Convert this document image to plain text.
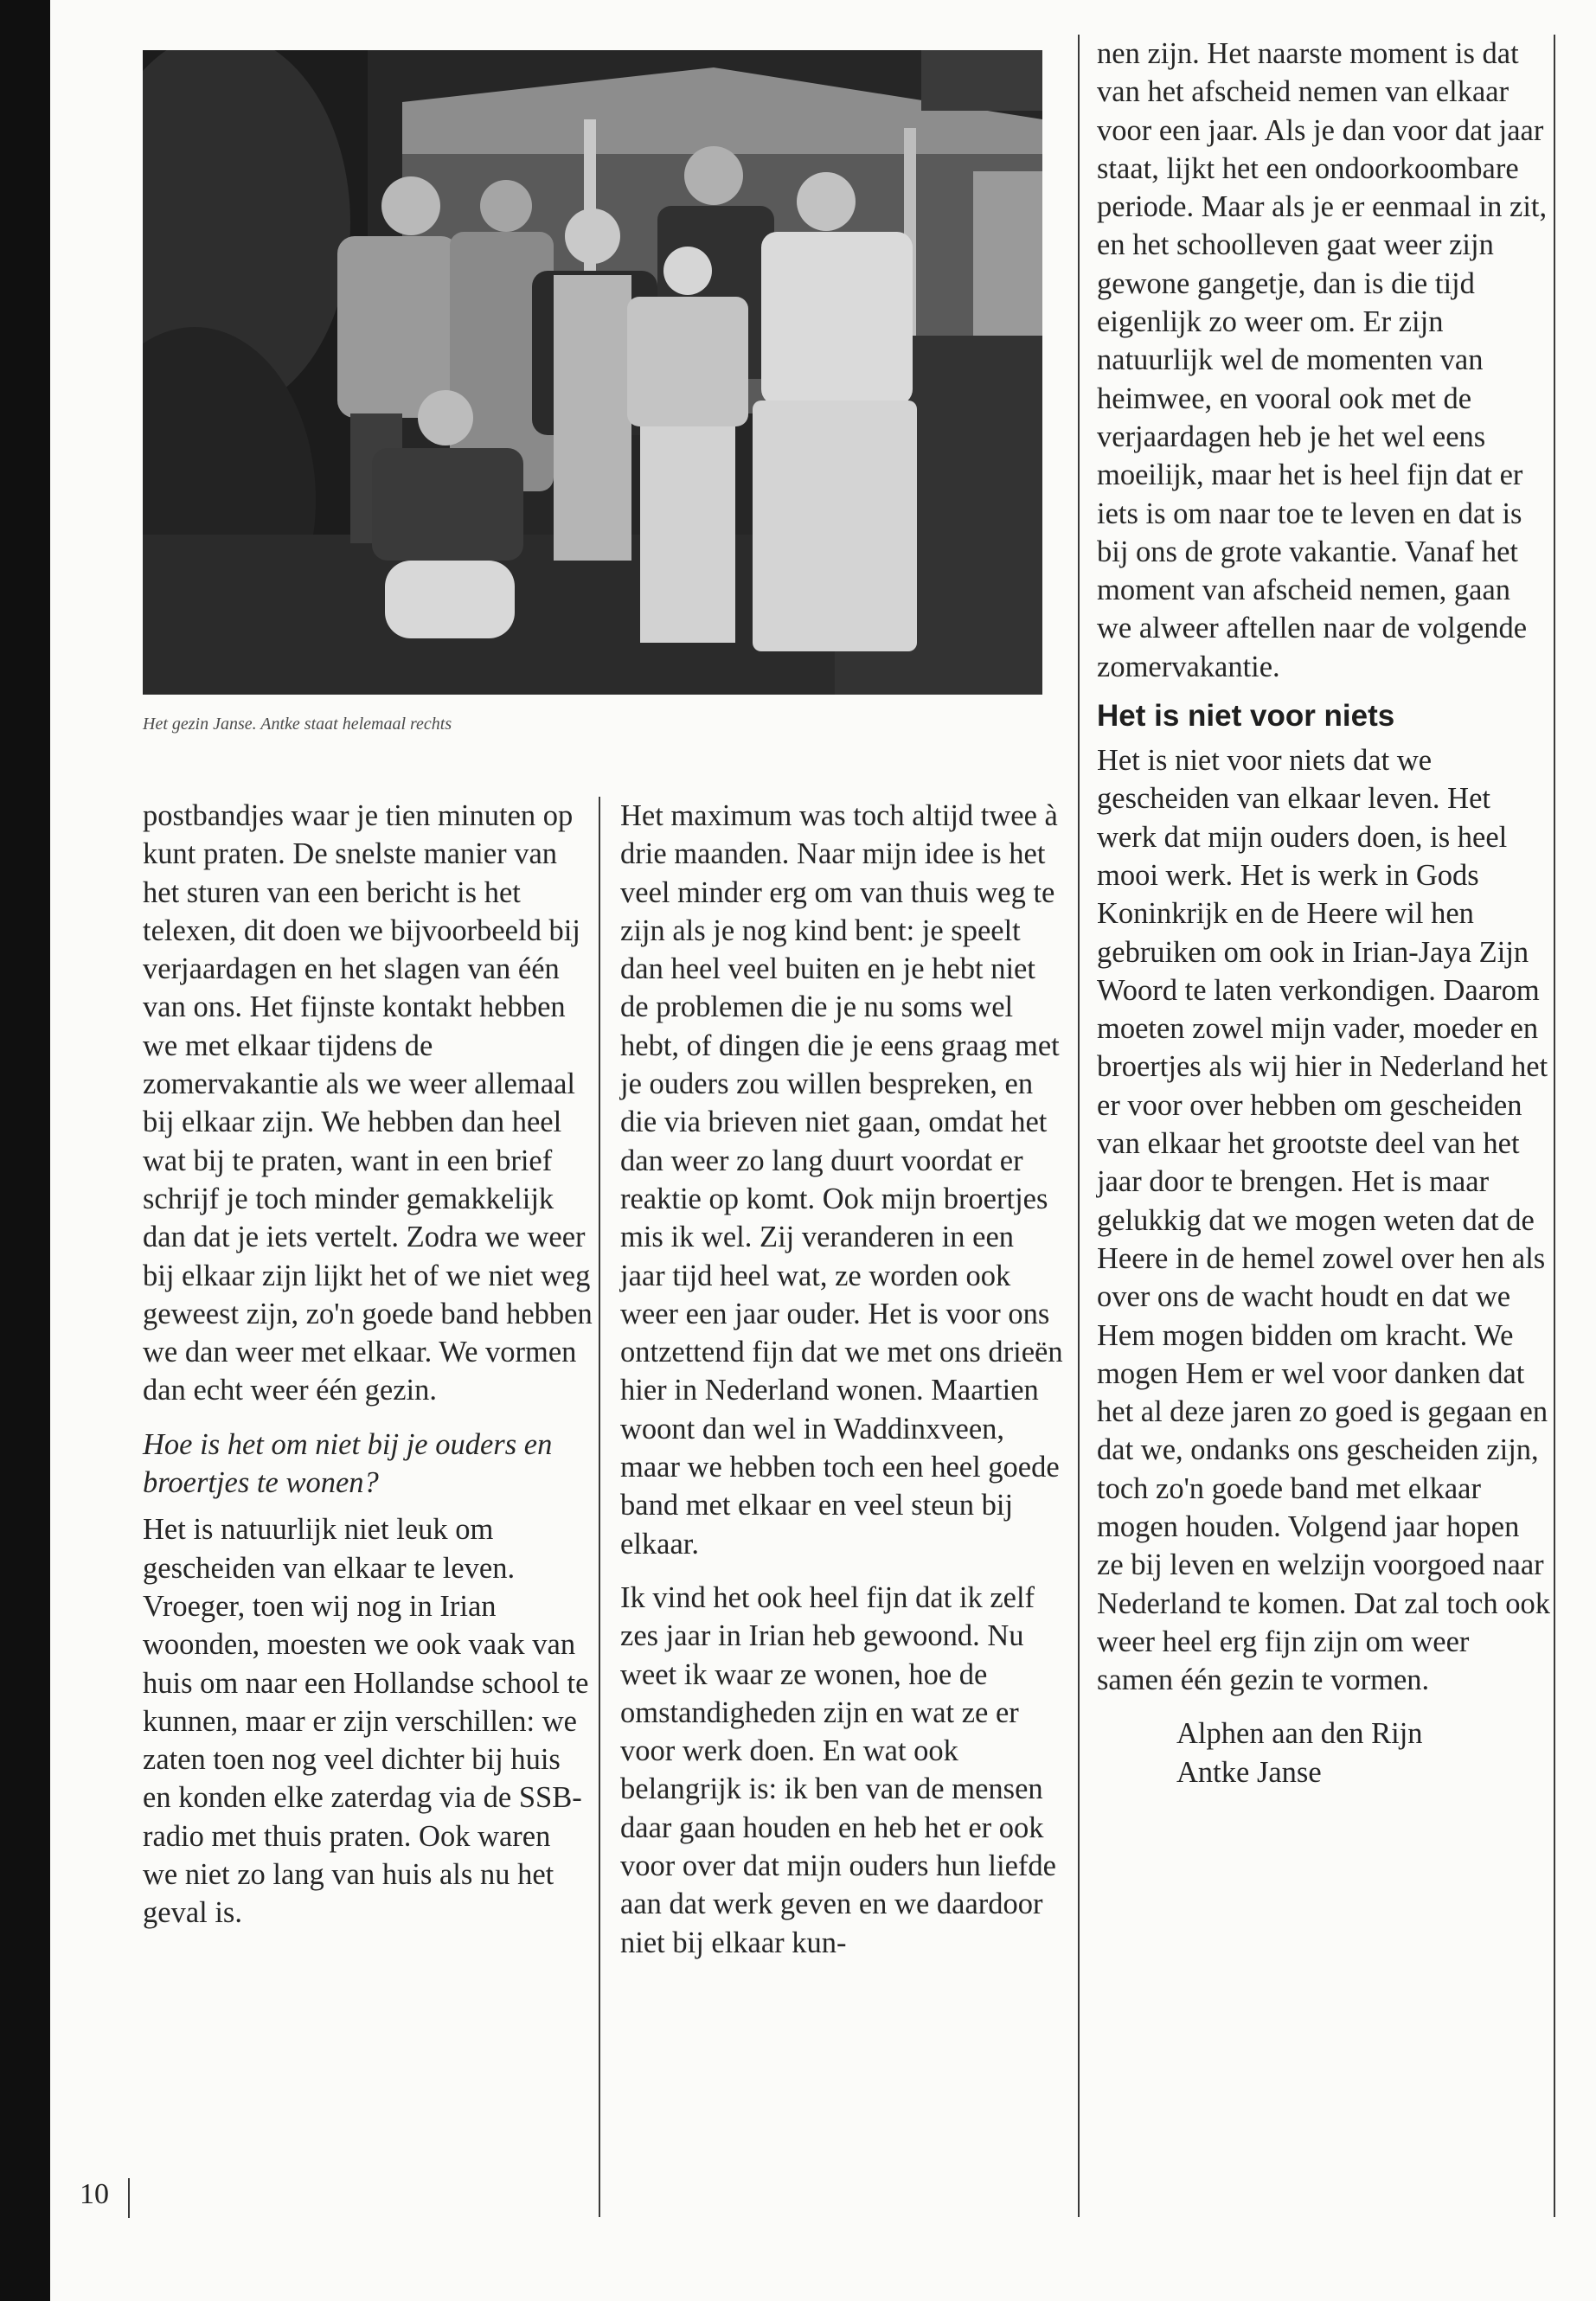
Het gezin Janse. Antke staat helemaal rechts

postbandjes waar je tien minuten op kunt praten. De snelste manier van het sturen van een bericht is het telexen, dit doen we bijvoorbeeld bij verjaardagen en het slagen van één van ons. Het fijnste kontakt hebben we met elkaar tijdens de zomervakantie als we weer allemaal bij elkaar zijn. We hebben dan heel wat bij te praten, want in een brief schrijf je toch minder gemakkelijk dan dat je iets vertelt. Zodra we weer bij elkaar zijn lijkt het of we niet weg geweest zijn, zo'n goede band hebben we dan weer met elkaar. We vormen dan echt weer één gezin.

Hoe is het om niet bij je ouders en broertjes te wonen?

Het is natuurlijk niet leuk om gescheiden van elkaar te leven. Vroeger, toen wij nog in Irian woonden, moesten we ook vaak van huis om naar een Hollandse school te kunnen, maar er zijn verschillen: we zaten toen nog veel dichter bij huis en konden elke zaterdag via de SSB-radio met thuis praten. Ook waren we niet zo lang van huis als nu het geval is.

Het maximum was toch altijd twee à drie maanden. Naar mijn idee is het veel minder erg om van thuis weg te zijn als je nog kind bent: je speelt dan heel veel buiten en je hebt niet de problemen die je nu soms wel hebt, of dingen die je eens graag met je ouders zou willen bespreken, en die via brieven niet gaan, omdat het dan weer zo lang duurt voordat er reaktie op komt. Ook mijn broertjes mis ik wel. Zij veranderen in een jaar tijd heel wat, ze worden ook weer een jaar ouder. Het is voor ons ontzettend fijn dat we met ons drieën hier in Nederland wonen. Maartien woont dan wel in Waddinxveen, maar we hebben toch een heel goede band met elkaar en veel steun bij elkaar.

Ik vind het ook heel fijn dat ik zelf zes jaar in Irian heb gewoond. Nu weet ik waar ze wonen, hoe de omstandigheden zijn en wat ze er voor werk doen. En wat ook belangrijk is: ik ben van de mensen daar gaan houden en heb het er ook voor over dat mijn ouders hun liefde aan dat werk geven en we daardoor niet bij elkaar kun-

nen zijn. Het naarste moment is dat van het afscheid nemen van elkaar voor een jaar. Als je dan voor dat jaar staat, lijkt het een ondoorkoombare periode. Maar als je er eenmaal in zit, en het schoolleven gaat weer zijn gewone gangetje, dan is die tijd eigenlijk zo weer om. Er zijn natuurlijk wel de momenten van heimwee, en vooral ook met de verjaardagen heb je het wel eens moeilijk, maar het is heel fijn dat er iets is om naar toe te leven en dat is bij ons de grote vakantie. Vanaf het moment van afscheid nemen, gaan we alweer aftellen naar de volgende zomervakantie.

Het is niet voor niets

Het is niet voor niets dat we gescheiden van elkaar leven. Het werk dat mijn ouders doen, is heel mooi werk. Het is werk in Gods Koninkrijk en de Heere wil hen gebruiken om ook in Irian-Jaya Zijn Woord te laten verkondigen. Daarom moeten zowel mijn vader, moeder en broertjes als wij hier in Nederland het er voor over hebben om gescheiden van elkaar het grootste deel van het jaar door te brengen. Het is maar gelukkig dat we mogen weten dat de Heere in de hemel zowel over hen als over ons de wacht houdt en dat we Hem mogen bidden om kracht. We mogen Hem er wel voor danken dat het al deze jaren zo goed is gegaan en dat we, ondanks ons gescheiden zijn, toch zo'n goede band met elkaar mogen houden. Volgend jaar hopen ze bij leven en welzijn voorgoed naar Nederland te komen. Dat zal toch ook weer heel erg fijn zijn om weer samen één gezin te vormen.

Alphen aan den Rijn

Antke Janse

10
